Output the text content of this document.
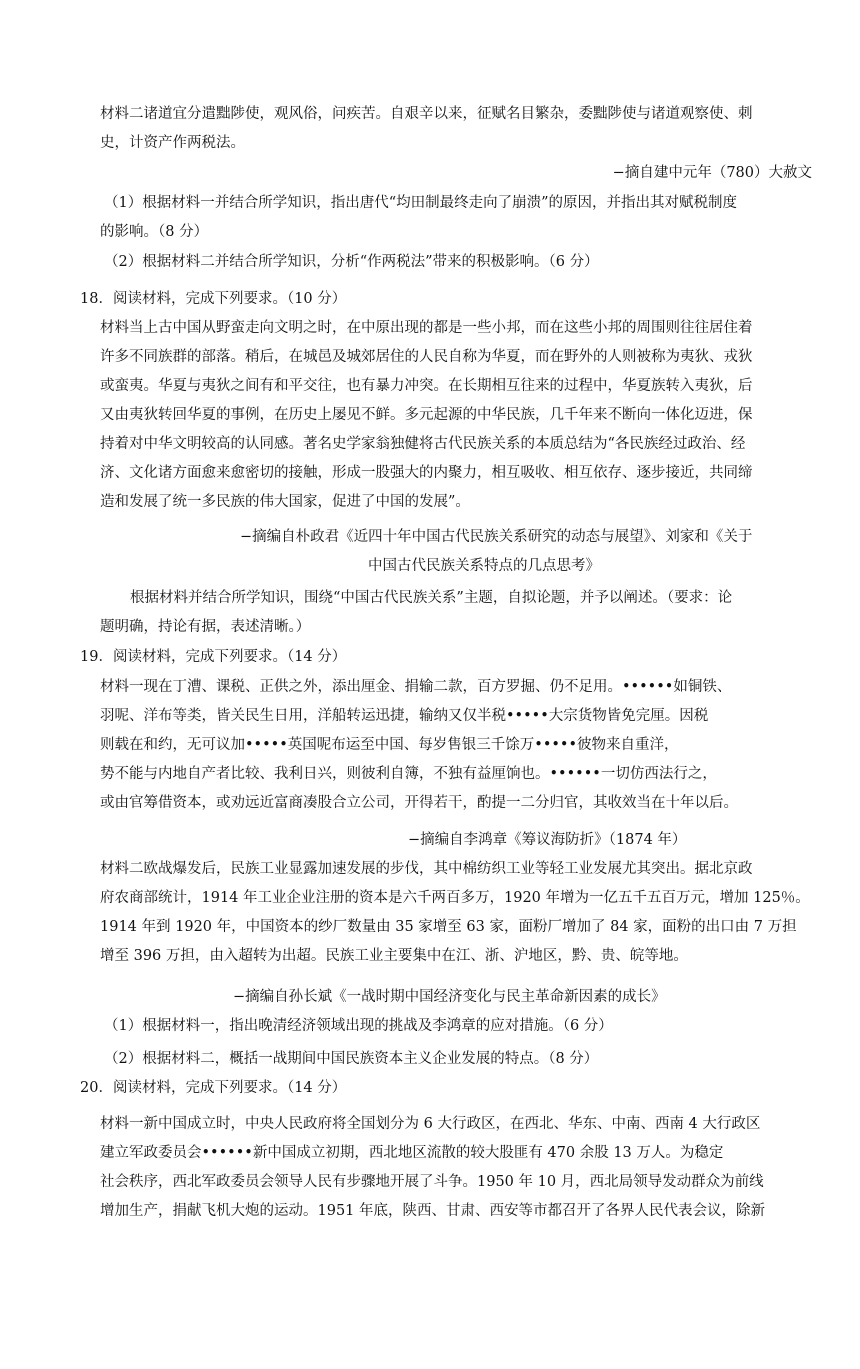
材料二诸道宜分遣黜陟使，观风俗，问疾苦。自艰辛以来，征赋名目繁杂，委黜陟使与诸道观察使、刺
史，计资产作两税法。
−摘自建中元年（780）大赦文
（1）根据材料一并结合所学知识，指出唐代“均田制最终走向了崩溃”的原因，并指出其对赋税制度
的影响。（8 分）
（2）根据材料二并结合所学知识，分析“作两税法”带来的积极影响。（6 分）
18．阅读材料，完成下列要求。（10 分）
材料当上古中国从野蛮走向文明之时，在中原出现的都是一些小邦，而在这些小邦的周围则往往居住着
许多不同族群的部落。稍后，在城邑及城郊居住的人民自称为华夏，而在野外的人则被称为夷狄、戎狄
或蛮夷。华夏与夷狄之间有和平交往，也有暴力冲突。在长期相互往来的过程中，华夏族转入夷狄，后
又由夷狄转回华夏的事例，在历史上屡见不鲜。多元起源的中华民族，几千年来不断向一体化迈进，保
持着对中华文明较高的认同感。著名史学家翁独健将古代民族关系的本质总结为“各民族经过政治、经
济、文化诸方面愈来愈密切的接触，形成一股强大的内聚力，相互吸收、相互依存、逐步接近，共同缔
造和发展了统一多民族的伟大国家，促进了中国的发展”。
−摘编自朴政君《近四十年中国古代民族关系研究的动态与展望》、刘家和《关于
中国古代民族关系特点的几点思考》
根据材料并结合所学知识，围绕“中国古代民族关系”主题，自拟论题，并予以阐述。（要求：论
题明确，持论有据，表述清晰。）
19．阅读材料，完成下列要求。（14 分）
材料一现在丁漕、课税、正供之外，添出厘金、捐输二款，百方罗掘、仍不足用。••••••如铜铁、
羽呢、洋布等类，皆关民生日用，洋船转运迅捷，输纳又仅半税•••••大宗货物皆免完厘。因税
则载在和约，无可议加•••••英国呢布运至中国、每岁售银三千馀万•••••彼物来自重洋，
势不能与内地自产者比较、我利日兴，则彼利自簿，不独有益厘饷也。••••••一切仿西法行之，
或由官筹借资本，或劝远近富商凑股合立公司，开得若干，酌提一二分归官，其收效当在十年以后。
−摘编自李鸿章《筹议海防折》（1874 年）
材料二欧战爆发后，民族工业显露加速发展的步伐，其中棉纺织工业等轻工业发展尤其突出。据北京政
府农商部统计，1914 年工业企业注册的资本是六千两百多万，1920 年增为一亿五千五百万元，增加 125％。
1914 年到 1920 年，中国资本的纱厂数量由 35 家增至 63 家，面粉厂增加了 84 家，面粉的出口由 7 万担
增至 396 万担，由入超转为出超。民族工业主要集中在江、浙、沪地区，黔、贵、皖等地。
−摘编自孙长斌《一战时期中国经济变化与民主革命新因素的成长》
（1）根据材料一，指出晚清经济领域出现的挑战及李鸿章的应对措施。（6 分）
（2）根据材料二，概括一战期间中国民族资本主义企业发展的特点。（8 分）
20．阅读材料，完成下列要求。（14 分）
材料一新中国成立时，中央人民政府将全国划分为 6 大行政区，在西北、华东、中南、西南 4 大行政区
建立军政委员会••••••新中国成立初期，西北地区流散的较大股匪有 470 余股 13 万人。为稳定
社会秩序，西北军政委员会领导人民有步骤地开展了斗争。1950 年 10 月，西北局领导发动群众为前线
增加生产，捐献飞机大炮的运动。1951 年底，陕西、甘肃、西安等市都召开了各界人民代表会议，除新
